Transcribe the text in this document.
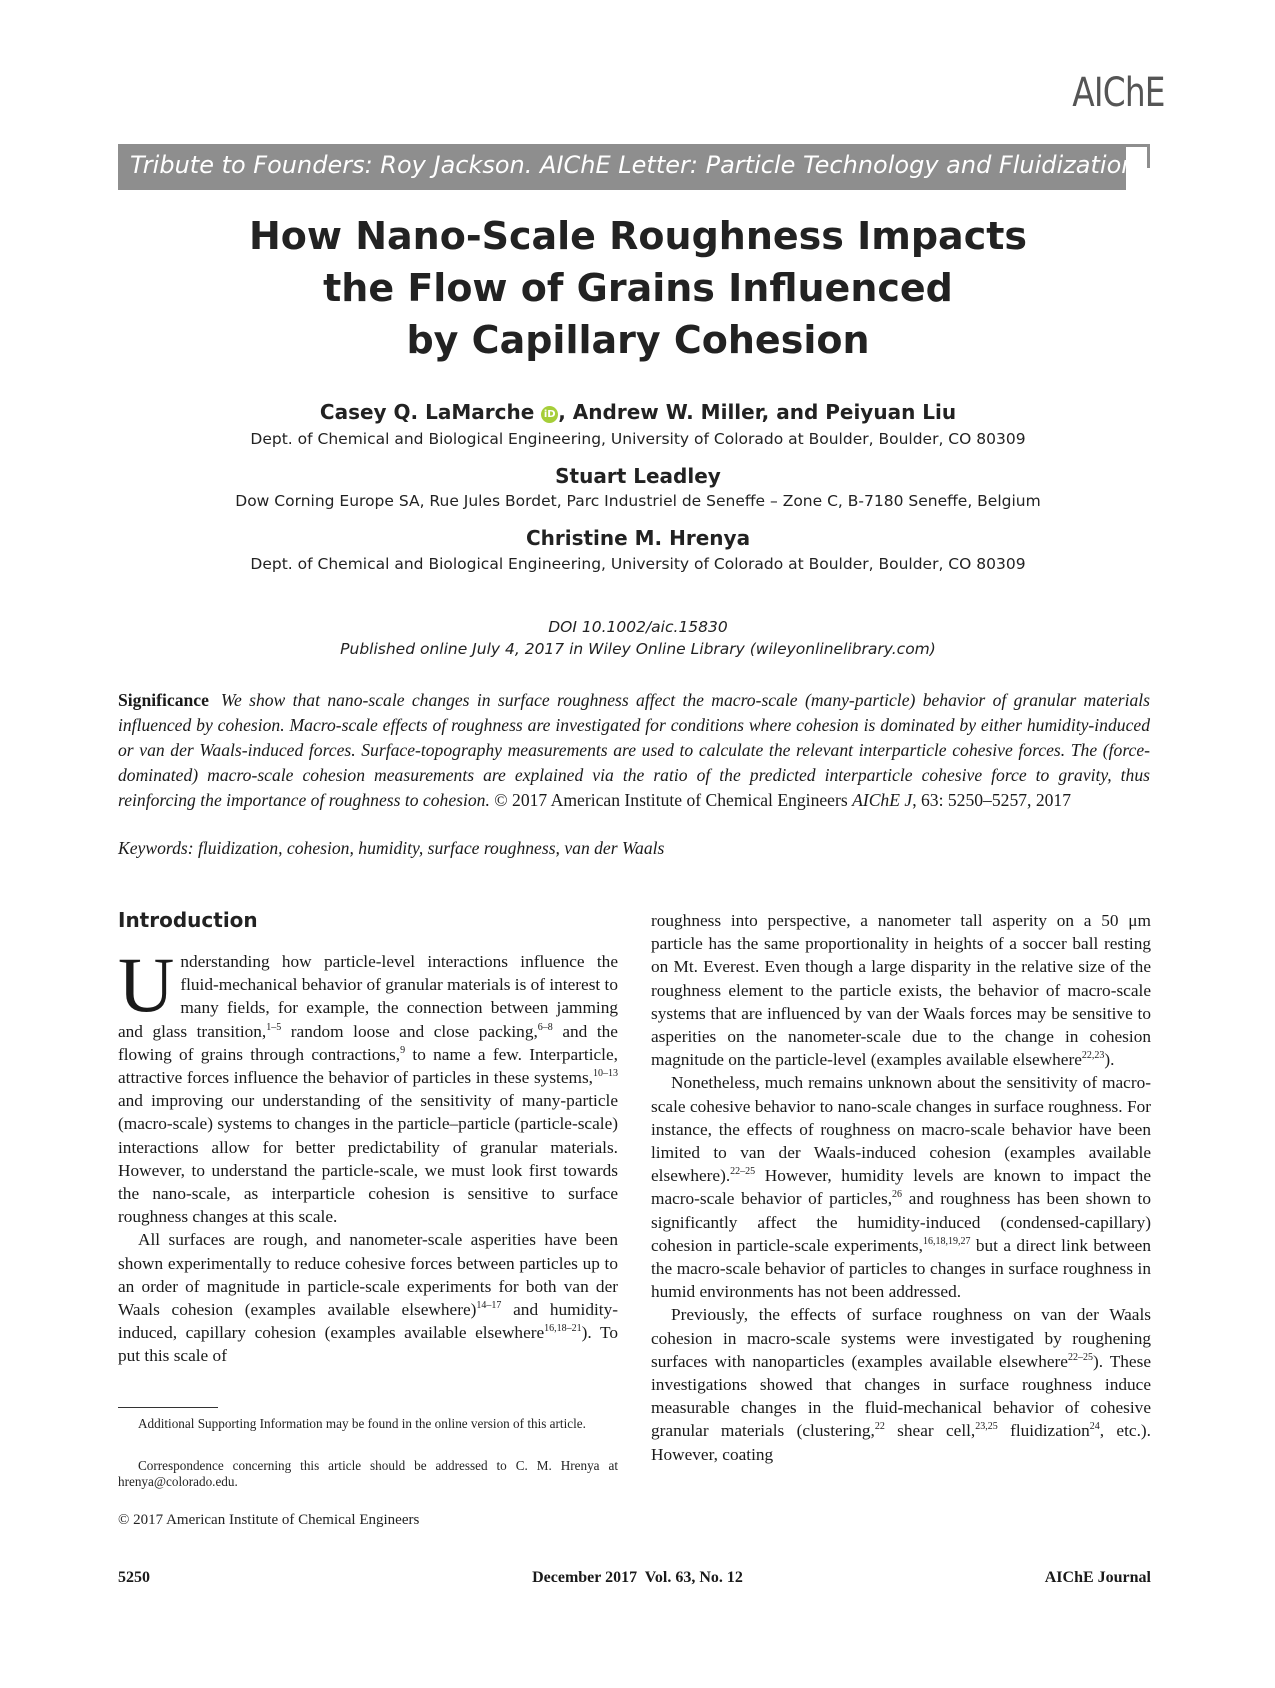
AIChE
Tribute to Founders: Roy Jackson. AIChE Letter: Particle Technology and Fluidization
How Nano-Scale Roughness Impacts
the Flow of Grains Influenced
by Capillary Cohesion
Casey Q. LaMarche iD , Andrew W. Miller, and Peiyuan Liu
Dept. of Chemical and Biological Engineering, University of Colorado at Boulder, Boulder, CO 80309
Stuart Leadley
Dow Corning Europe SA, Rue Jules Bordet, Parc Industriel de Seneffe – Zone C, B-7180 Seneffe, Belgium
Christine M. Hrenya
Dept. of Chemical and Biological Engineering, University of Colorado at Boulder, Boulder, CO 80309
DOI 10.1002/aic.15830
Published online July 4, 2017 in Wiley Online Library (wileyonlinelibrary.com)
Significance We show that nano-scale changes in surface roughness affect the macro-scale (many-particle) behavior of granular materials influenced by cohesion. Macro-scale effects of roughness are investigated for conditions where cohesion is dominated by either humidity-induced or van der Waals-induced forces. Surface-topography measurements are used to calculate the relevant interparticle cohesive forces. The (force-dominated) macro-scale cohesion measurements are explained via the ratio of the predicted interparticle cohesive force to gravity, thus reinforcing the importance of roughness to cohesion. © 2017 American Institute of Chemical Engineers AIChE J, 63: 5250–5257, 2017
Keywords: fluidization, cohesion, humidity, surface roughness, van der Waals
Introduction

Understanding how particle-level interactions influence the fluid-mechanical behavior of granular materials is of interest to many fields, for example, the connection between jamming and glass transition,$^{1-5}$ random loose and close packing,$^{6-8}$ and the flowing of grains through contractions,$^9$ to name a few. Interparticle, attractive forces influence the behavior of particles in these systems,$^{10-13}$ and improving our understanding of the sensitivity of many-particle (macro-scale) systems to changes in the particle–particle (particle-scale) interactions allow for better predictability of granular materials. However, to understand the particle-scale, we must look first towards the nano-scale, as interparticle cohesion is sensitive to surface roughness changes at this scale.

All surfaces are rough, and nanometer-scale asperities have been shown experimentally to reduce cohesive forces between particles up to an order of magnitude in particle-scale experiments for both van der Waals cohesion (examples available elsewhere)$^{14-17}$ and humidity-induced, capillary cohesion (examples available elsewhere$^{16,18-21}$). To put this scale of

Additional Supporting Information may be found in the online version of this article.

Correspondence concerning this article should be addressed to C. M. Hrenya at hrenya@colorado.edu.

© 2017 American Institute of Chemical Engineers

roughness into perspective, a nanometer tall asperity on a 50 μm particle has the same proportionality in heights of a soccer ball resting on Mt. Everest. Even though a large disparity in the relative size of the roughness element to the particle exists, the behavior of macro-scale systems that are influenced by van der Waals forces may be sensitive to asperities on the nanometer-scale due to the change in cohesion magnitude on the particle-level (examples available elsewhere$^{22,23}$).

Nonetheless, much remains unknown about the sensitivity of macro-scale cohesive behavior to nano-scale changes in surface roughness. For instance, the effects of roughness on macro-scale behavior have been limited to van der Waals-induced cohesion (examples available elsewhere).$^{22-25}$ However, humidity levels are known to impact the macro-scale behavior of particles,$^{26}$ and roughness has been shown to significantly affect the humidity-induced (condensed-capillary) cohesion in particle-scale experiments,$^{16,18,19,27}$ but a direct link between the macro-scale behavior of particles to changes in surface roughness in humid environments has not been addressed.

Previously, the effects of surface roughness on van der Waals cohesion in macro-scale systems were investigated by roughening surfaces with nanoparticles (examples available elsewhere$^{22-25}$). These investigations showed that changes in surface roughness induce measurable changes in the fluid-mechanical behavior of cohesive granular materials (clustering,$^{22}$ shear cell,$^{23,25}$ fluidization$^{24}$, etc.). However, coating

5250	December 2017  Vol. 63, No. 12	AIChE Journal
